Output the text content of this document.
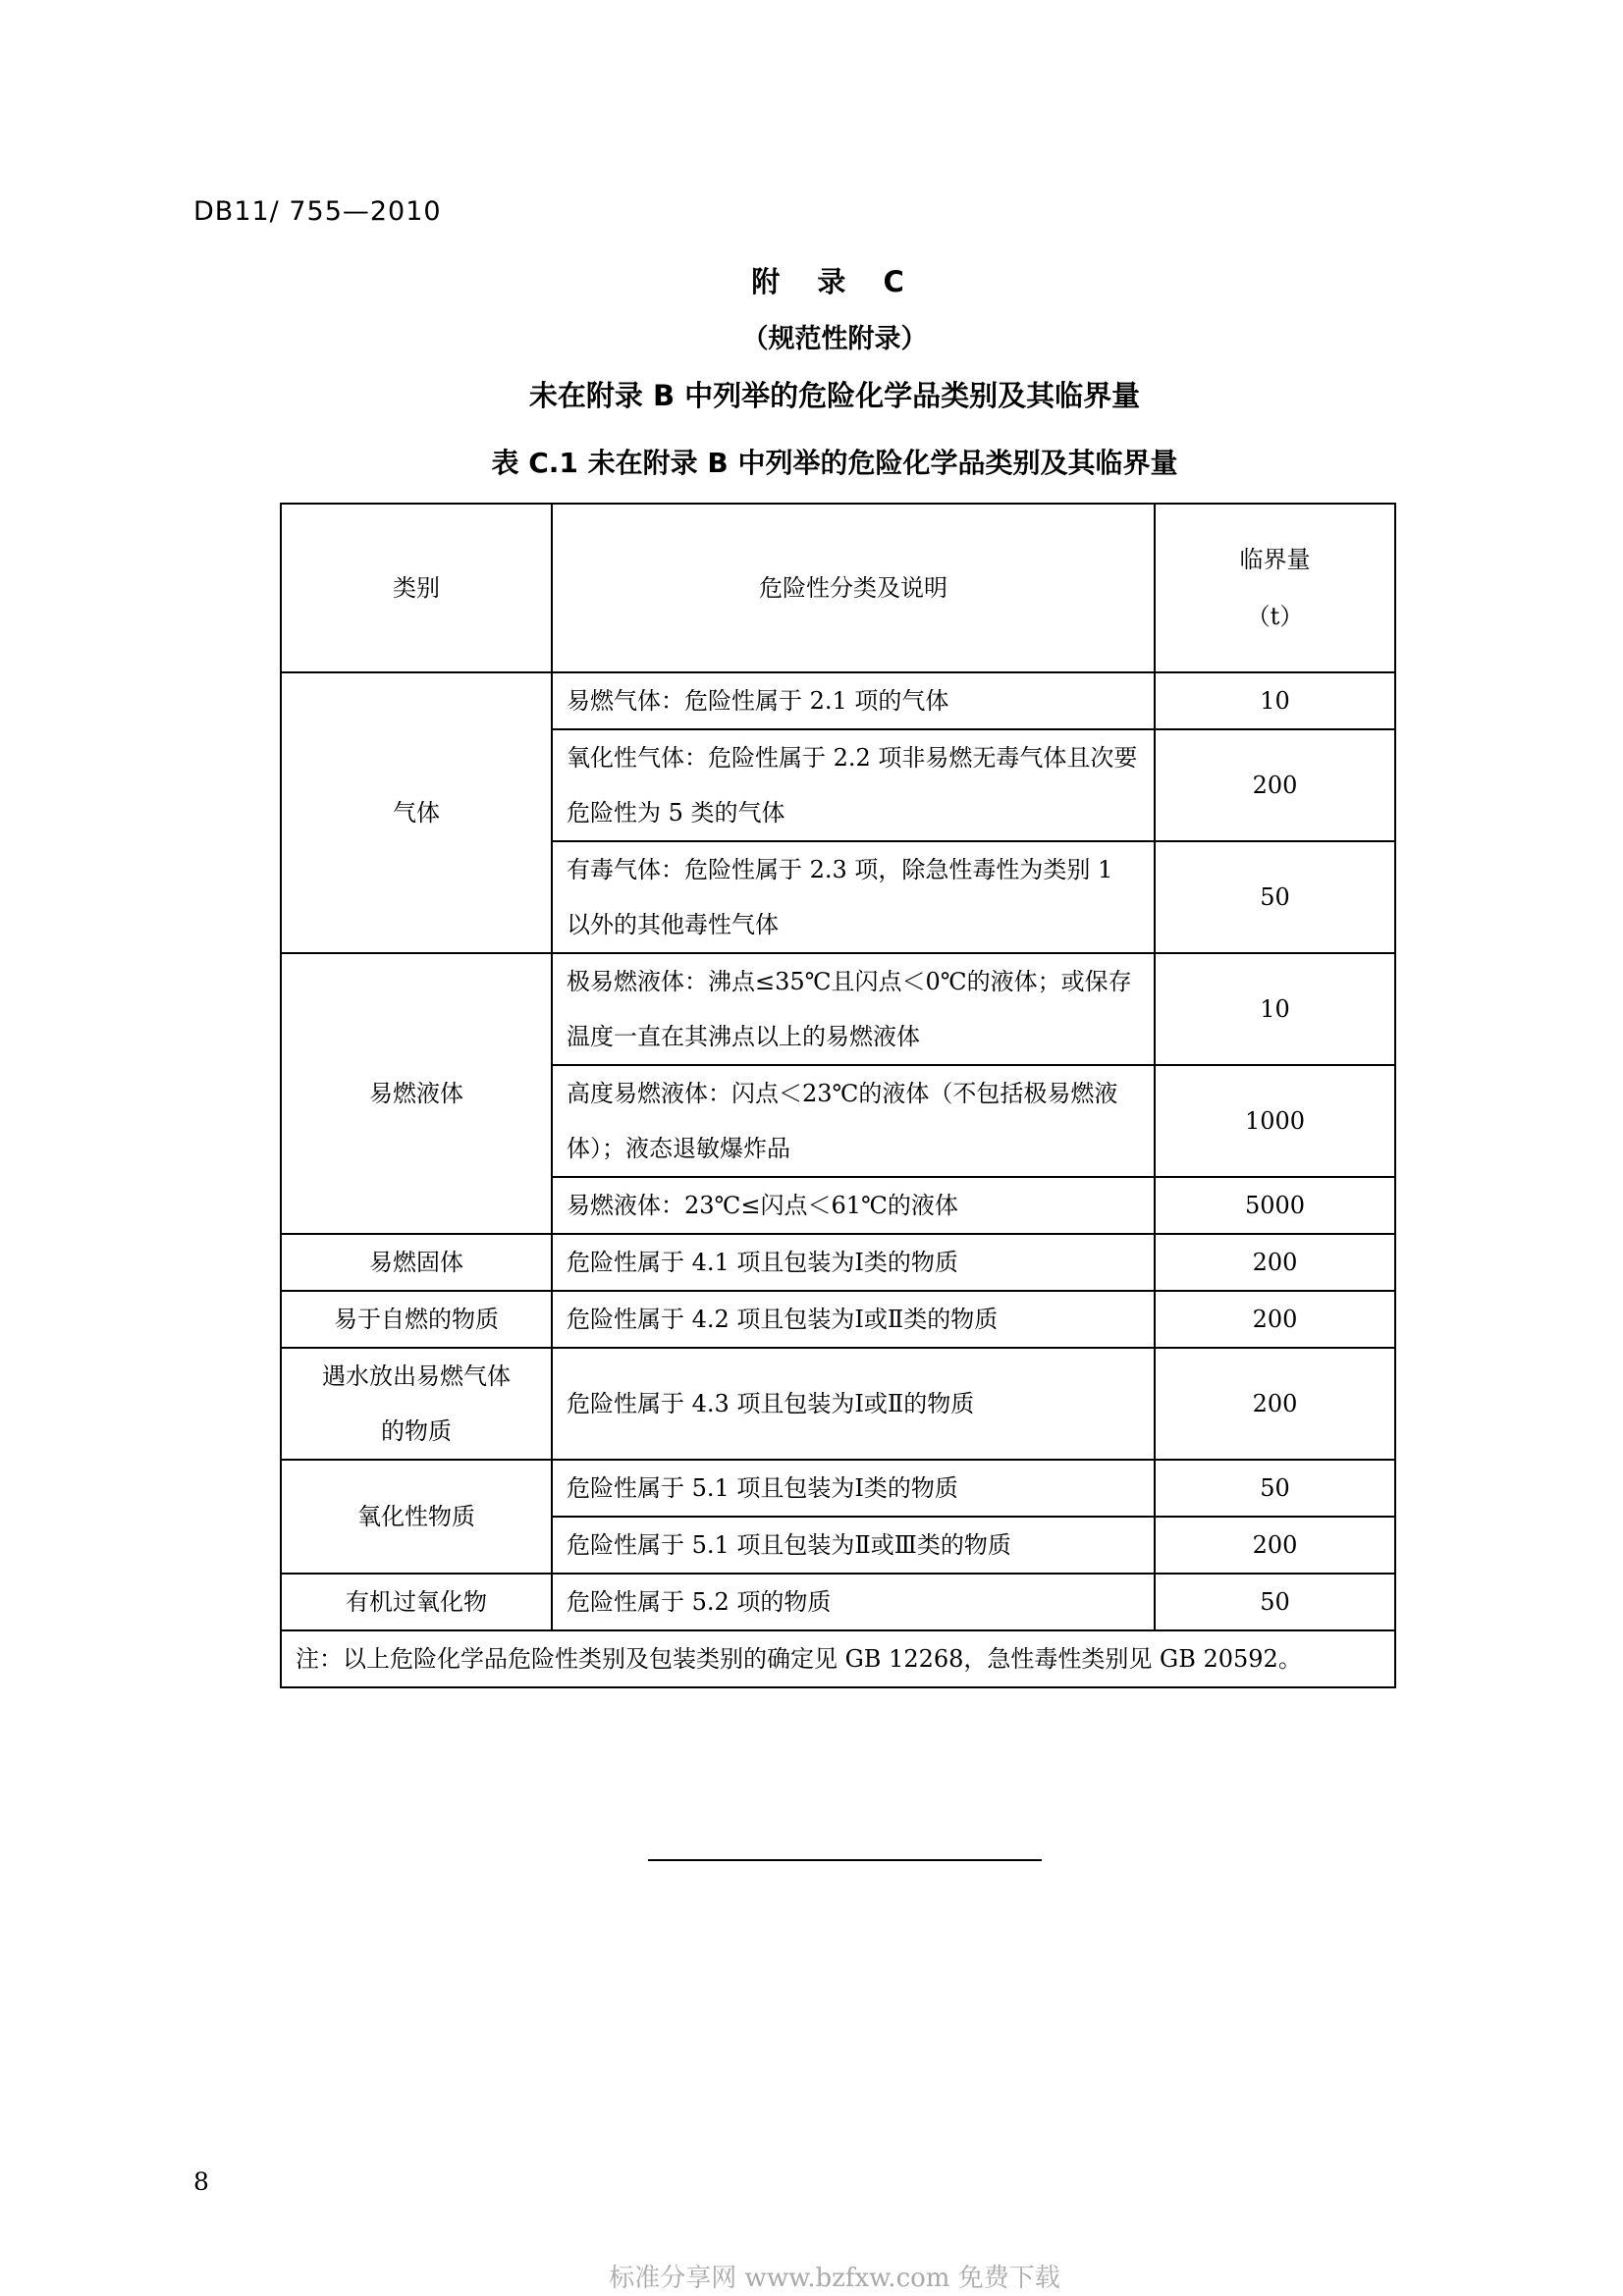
DB11/ 755—2010
附 录 C
（规范性附录）
未在附录 B 中列举的危险化学品类别及其临界量
表 C.1 未在附录 B 中列举的危险化学品类别及其临界量
类别	危险性分类及说明	临界量
（t）

气体	易燃气体：危险性属于 2.1 项的气体	10
	氧化性气体：危险性属于 2.2 项非易燃无毒气体且次要危险性为 5 类的气体	200
	有毒气体：危险性属于 2.3 项，除急性毒性为类别 1 以外的其他毒性气体	50
易燃液体	极易燃液体：沸点≤35℃且闪点＜0℃的液体；或保存温度一直在其沸点以上的易燃液体	10
	高度易燃液体：闪点＜23℃的液体（不包括极易燃液体）；液态退敏爆炸品	1000
	易燃液体：23℃≤闪点＜61℃的液体	5000
易燃固体	危险性属于 4.1 项且包装为Ⅰ类的物质	200
易于自燃的物质	危险性属于 4.2 项且包装为Ⅰ或Ⅱ类的物质	200
遇水放出易燃气体的物质	危险性属于 4.3 项且包装为Ⅰ或Ⅱ的物质	200
氧化性物质	危险性属于 5.1 项且包装为Ⅰ类的物质	50
	危险性属于 5.1 项且包装为Ⅱ或Ⅲ类的物质	200
有机过氧化物	危险性属于 5.2 项的物质	50
注：以上危险化学品危险性类别及包装类别的确定见 GB 12268，急性毒性类别见 GB 20592。		
8
标准分享网 www.bzfxw.com 免费下载
